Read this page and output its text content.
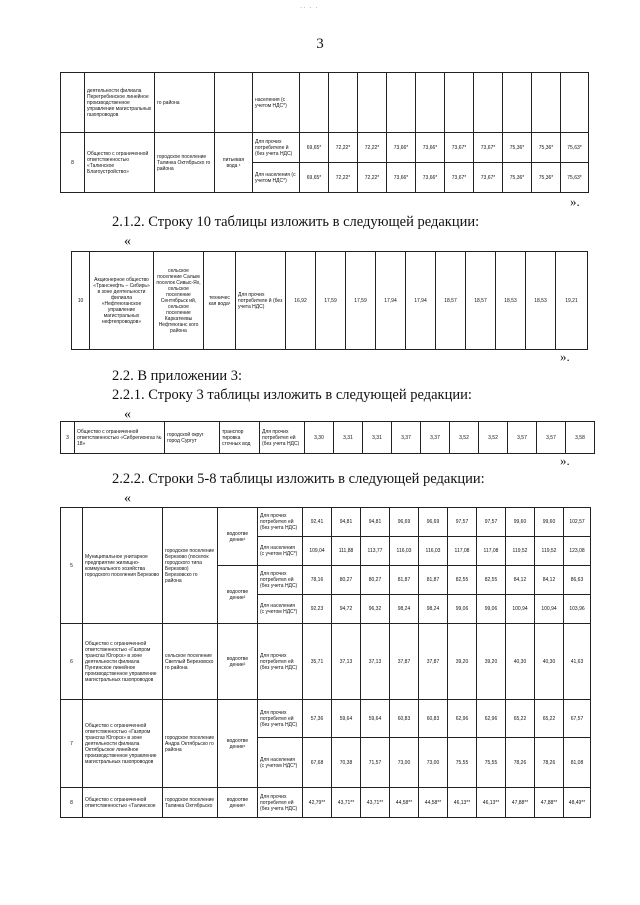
·· · ·
3
	деятельности филиала Перегребинское линейное производственное управление магистральных газопроводов	го района		населения (с учетом НДС*)										
8	Общество с ограниченной ответственностью «Талинское Благоустройство»	городское поселение Талинка Октябрьско го района	питьевая вода ¹	Для прочих потребителе й (без учета НДС)	69,65*	72,22*	72,22*	73,66*	73,66*	73,67*	73,67*	75,36*	75,36*	75,63*
				Для населения (с учетом НДС*)	69,65*	72,22*	72,22*	73,66*	73,66*	73,67*	73,67*	75,36*	75,36*	75,63*
».
2.1.2. Строку 10 таблицы изложить в следующей редакции:
«
10	Акционерное общество «Транснефть – Сибирь» в зоне деятельности филиала «Нефтеюганское управление магистральных нефтепроводов»	сельское поселение Салым поселок Сивыс-Ях, сельское поселение Сентябрьск ий, сельское поселение Каркатеевы Нефтеюганс кого района	техничес кая вода¹	Для прочих потребителе й (без учета НДС)	16,92	17,59	17,59	17,94	17,94	18,57	18,57	18,53	18,53	19,21
».
2.2. В приложении 3:
2.2.1. Строку 3 таблицы изложить в следующей редакции:
«
3	Общество с ограниченной ответственностью «Сибрегионгаз № 18»	городской округ город Сургут	транспор тировка сточных вод	Для прочих потребител ей (без учета НДС)	3,30	3,31	3,31	3,37	3,37	3,52	3,52	3,57	3,57	3,58
».
2.2.2. Строки 5-8 таблицы изложить в следующей редакции:
«
5	Муниципальное унитарное предприятие жилищно-коммунального хозяйства городского поселения Березово	городское поселение Березово (поселок городского типа Березово) Березовско го района	водоотве дение¹	Для прочих потребител ей (без учета НДС)	92,41	94,81	94,81	96,69	96,69	97,57	97,57	99,60	99,60	102,57
				Для населения (с учетом НДС*)	109,04	111,88	113,77	116,03	116,03	117,08	117,08	119,52	119,52	123,08
			водоотве дение²	Для прочих потребител ей (без учета НДС)	78,16	80,27	80,27	81,87	81,87	82,55	82,55	84,12	84,12	86,63
				Для населения (с учетом НДС*)	92,23	94,72	96,32	98,24	98,24	99,06	99,06	100,94	100,94	103,96
6	Общество с ограниченной ответственностью «Газпром трансгаз Югорск» в зоне деятельности филиала Пунгинское линейное производственное управление магистральных газопроводов	сельское поселение Светлый Березовско го района	водоотве дение²	Для прочих потребител ей (без учета НДС)	35,71	37,13	37,13	37,87	37,87	39,20	39,20	40,30	40,30	41,63
7	Общество с ограниченной ответственностью «Газпром трансгаз Югорск» в зоне деятельности филиала Октябрьское линейное производственное управление магистральных газопроводов	городское поселение Андра Октябрьско го района	водоотве дение¹	Для прочих потребител ей (без учета НДС)	57,36	59,64	59,64	60,83	60,83	62,96	62,96	65,22	65,22	67,57
				Для населения (с учетом НДС*)	67,68	70,38	71,57	73,00	73,00	75,55	75,55	78,26	78,26	81,08
8	Общество с ограниченной ответственностью «Талинское	городское поселение Талинка Октябрьско	водоотве дение¹	Для прочих потребител ей (без учета НДС)	42,79**	43,71**	43,71**	44,58**	44,58**	46,13**	46,13**	47,88**	47,88**	48,49**
